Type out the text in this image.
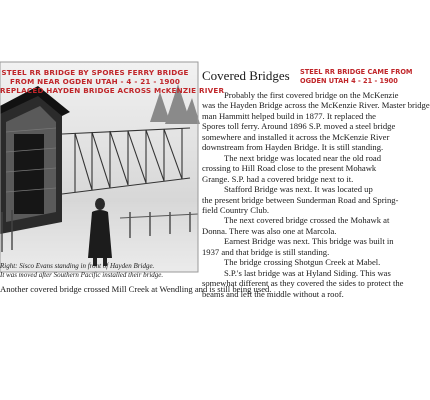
STEEL RR BRIDGE BY SPORES FERRY BRIDGE
FROM NEAR OGDEN UTAH - 4 - 21 - 1900
REPLACED HAYDEN BRIDGE ACROSS McKENZIE RIVER
Right: Sisco Evans standing in front of Hayden Bridge.
It was moved after Southern Pacific installed their bridge.
Covered Bridges STEEL RR BRIDGE CAME FROM
OGDEN UTAH 4 - 21 - 1900
Probably the first covered bridge on the McKenzie
was the Hayden Bridge across the McKenzie River. Master bridge
man Hammitt helped build in 1877. It replaced the
Spores toll ferry. Around 1896 S.P. moved a steel bridge
somewhere and installed it across the McKenzie River
downstream from Hayden Bridge. It is still standing.
The next bridge was located near the old road
crossing to Hill Road close to the present Mohawk
Grange. S.P. had a covered bridge next to it.
Stafford Bridge was next. It was located up
the present bridge between Sunderman Road and Spring-
field Country Club.
The next covered bridge crossed the Mohawk at
Donna. There was also one at Marcola.
Earnest Bridge was next. This bridge was built in
1937 and that bridge is still standing.
The bridge crossing Shotgun Creek at Mabel.
S.P.'s last bridge was at Hyland Siding. This was
somewhat different as they covered the sides to protect the
beams and left the middle without a roof.
Another covered bridge crossed Mill Creek at Wendling and is still being used.
